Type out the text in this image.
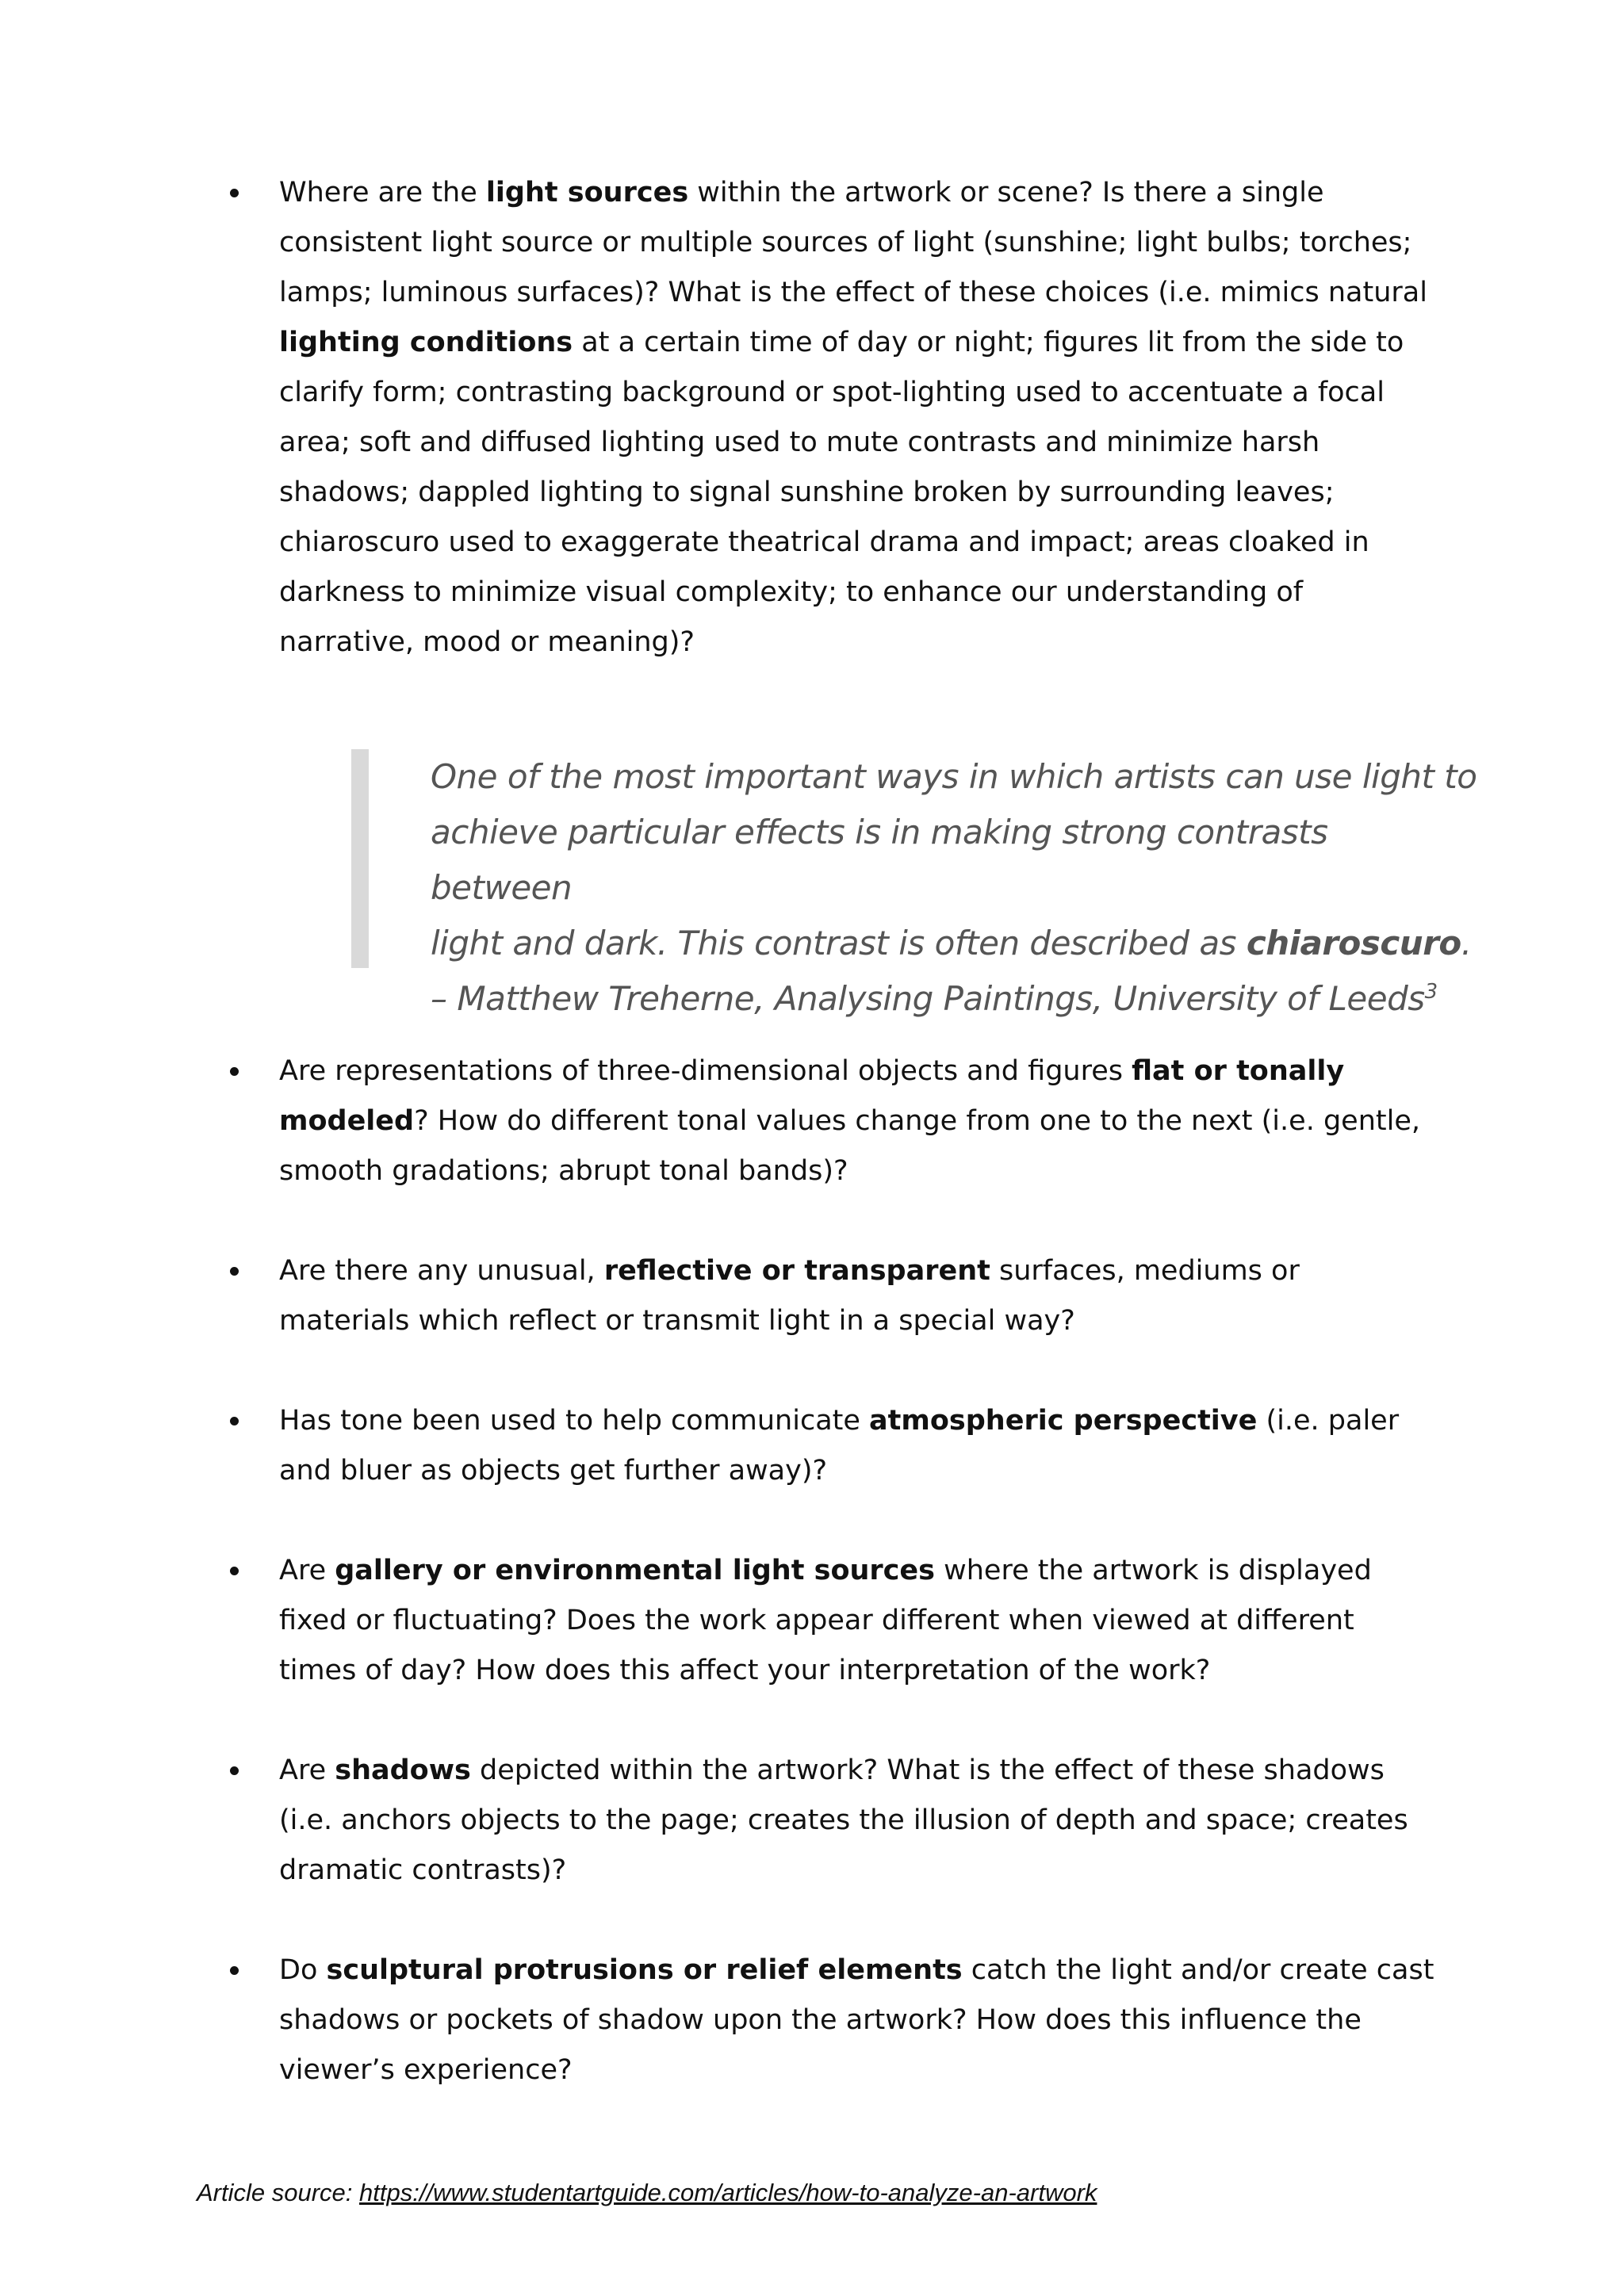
Where are the light sources within the artwork or scene? Is there a single consistent light source or multiple sources of light (sunshine; light bulbs; torches; lamps; luminous surfaces)? What is the effect of these choices (i.e. mimics natural lighting conditions at a certain time of day or night; figures lit from the side to clarify form; contrasting background or spot-lighting used to accentuate a focal area; soft and diffused lighting used to mute contrasts and minimize harsh shadows; dappled lighting to signal sunshine broken by surrounding leaves; chiaroscuro used to exaggerate theatrical drama and impact; areas cloaked in darkness to minimize visual complexity; to enhance our understanding of narrative, mood or meaning)?
One of the most important ways in which artists can use light to
achieve particular effects is in making strong contrasts between
light and dark. This contrast is often described as chiaroscuro.
– Matthew Treherne, Analysing Paintings, University of Leeds$^3$
Are representations of three-dimensional objects and figures flat or tonally modeled? How do different tonal values change from one to the next (i.e. gentle, smooth gradations; abrupt tonal bands)?
Are there any unusual, reflective or transparent surfaces, mediums or materials which reflect or transmit light in a special way?
Has tone been used to help communicate atmospheric perspective (i.e. paler and bluer as objects get further away)?
Are gallery or environmental light sources where the artwork is displayed fixed or fluctuating? Does the work appear different when viewed at different times of day? How does this affect your interpretation of the work?
Are shadows depicted within the artwork? What is the effect of these shadows (i.e. anchors objects to the page; creates the illusion of depth and space; creates dramatic contrasts)?
Do sculptural protrusions or relief elements catch the light and/or create cast shadows or pockets of shadow upon the artwork? How does this influence the viewer’s experience?
Article source: https://www.studentartguide.com/articles/how-to-analyze-an-artwork
